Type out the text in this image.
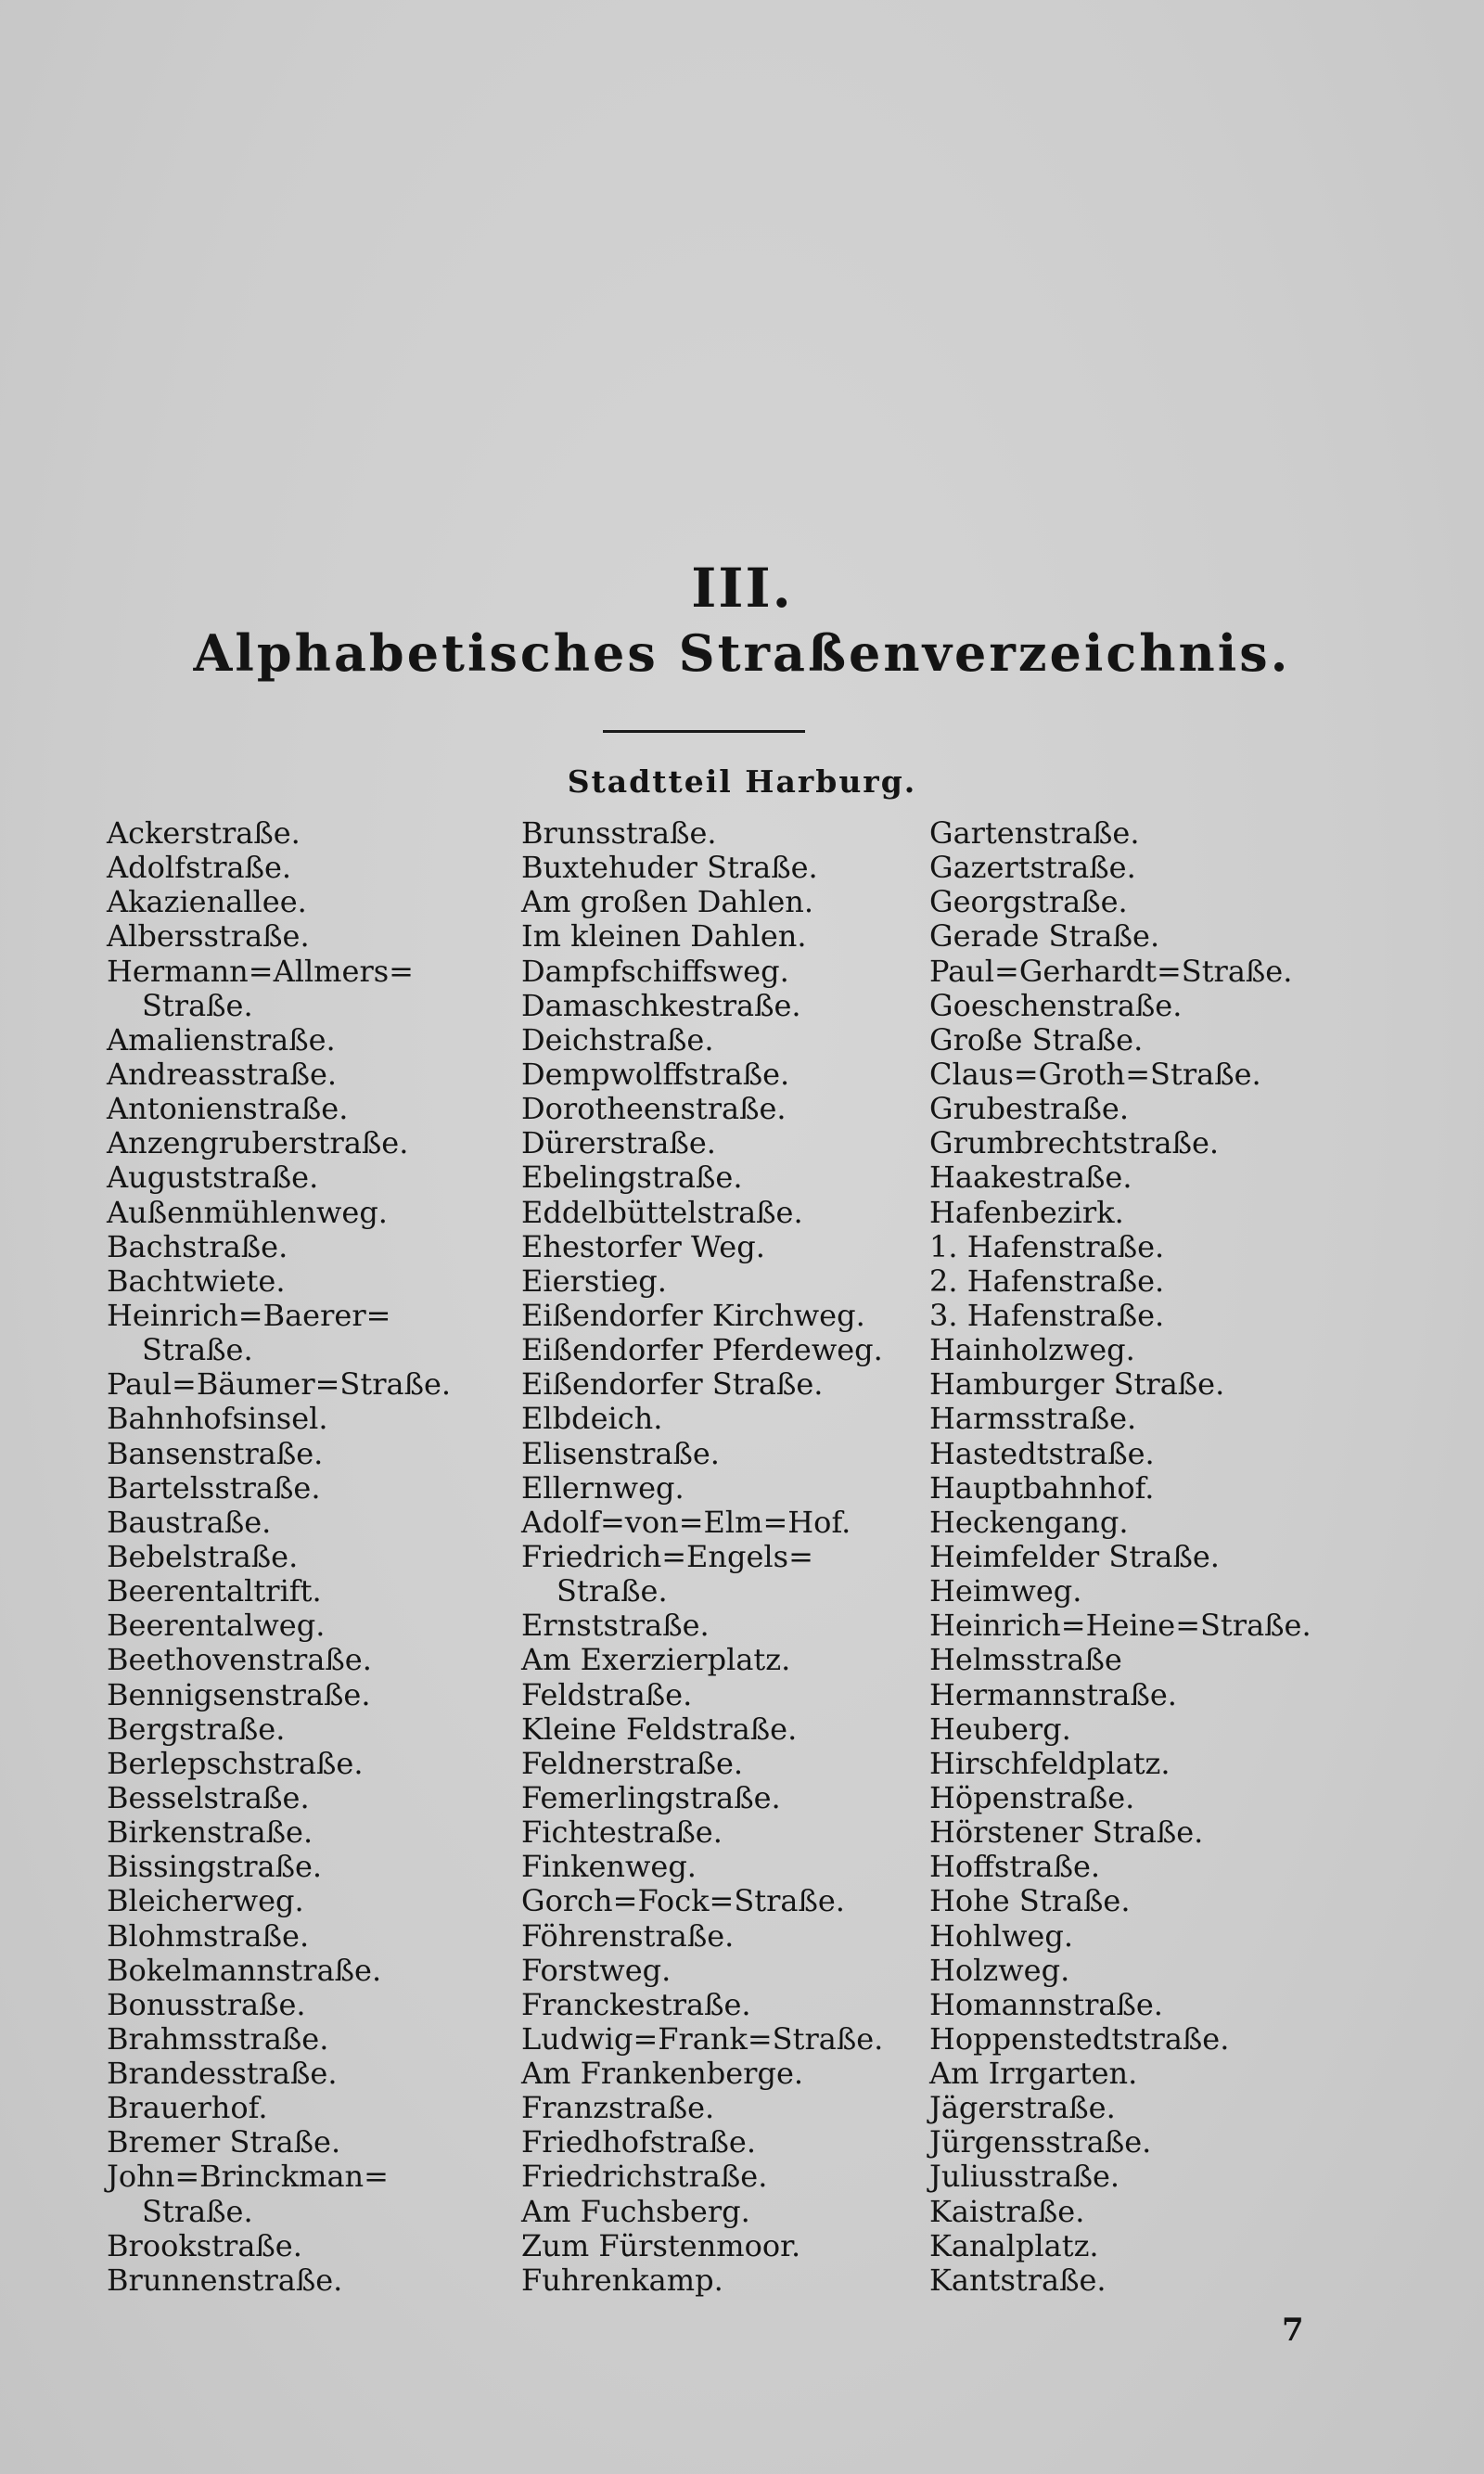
III.
Alphabetisches Straßenverzeichnis.
Stadtteil Harburg.
Ackerstraße.
Adolfstraße.
Akazienallee.
Albersstraße.
Hermann=Allmers=
Straße.
Amalienstraße.
Andreasstraße.
Antonienstraße.
Anzengruberstraße.
Auguststraße.
Außenmühlenweg.
Bachstraße.
Bachtwiete.
Heinrich=Baerer=
Straße.
Paul=Bäumer=Straße.
Bahnhofsinsel.
Bansenstraße.
Bartelsstraße.
Baustraße.
Bebelstraße.
Beerentaltrift.
Beerentalweg.
Beethovenstraße.
Bennigsenstraße.
Bergstraße.
Berlepschstraße.
Besselstraße.
Birkenstraße.
Bissingstraße.
Bleicherweg.
Blohmstraße.
Bokelmannstraße.
Bonusstraße.
Brahmsstraße.
Brandesstraße.
Brauerhof.
Bremer Straße.
John=Brinckman=
Straße.
Brookstraße.
Brunnenstraße.
Brunsstraße.
Buxtehuder Straße.
Am großen Dahlen.
Im kleinen Dahlen.
Dampfschiffsweg.
Damaschkestraße.
Deichstraße.
Dempwolffstraße.
Dorotheenstraße.
Dürerstraße.
Ebelingstraße.
Eddelbüttelstraße.
Ehestorfer Weg.
Eierstieg.
Eißendorfer Kirchweg.
Eißendorfer Pferdeweg.
Eißendorfer Straße.
Elbdeich.
Elisenstraße.
Ellernweg.
Adolf=von=Elm=Hof.
Friedrich=Engels=
Straße.
Ernststraße.
Am Exerzierplatz.
Feldstraße.
Kleine Feldstraße.
Feldnerstraße.
Femerlingstraße.
Fichtestraße.
Finkenweg.
Gorch=Fock=Straße.
Föhrenstraße.
Forstweg.
Franckestraße.
Ludwig=Frank=Straße.
Am Frankenberge.
Franzstraße.
Friedhofstraße.
Friedrichstraße.
Am Fuchsberg.
Zum Fürstenmoor.
Fuhrenkamp.
Gartenstraße.
Gazertstraße.
Georgstraße.
Gerade Straße.
Paul=Gerhardt=Straße.
Goeschenstraße.
Große Straße.
Claus=Groth=Straße.
Grubestraße.
Grumbrechtstraße.
Haakestraße.
Hafenbezirk.
1. Hafenstraße.
2. Hafenstraße.
3. Hafenstraße.
Hainholzweg.
Hamburger Straße.
Harmsstraße.
Hastedtstraße.
Hauptbahnhof.
Heckengang.
Heimfelder Straße.
Heimweg.
Heinrich=Heine=Straße.
Helmsstraße
Hermannstraße.
Heuberg.
Hirschfeldplatz.
Höpenstraße.
Hörstener Straße.
Hoffstraße.
Hohe Straße.
Hohlweg.
Holzweg.
Homannstraße.
Hoppenstedtstraße.
Am Irrgarten.
Jägerstraße.
Jürgensstraße.
Juliusstraße.
Kaistraße.
Kanalplatz.
Kantstraße.
7
